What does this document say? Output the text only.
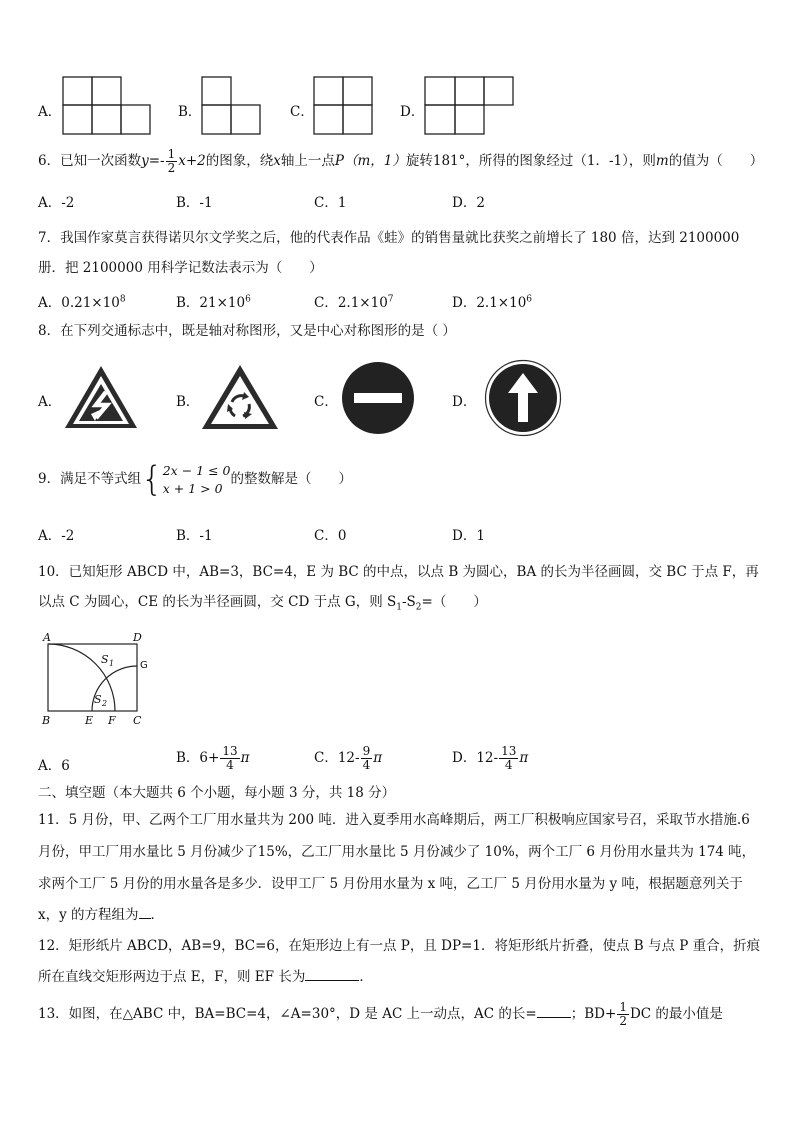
A．	B．	C．	D．
6．已知一次函数$y=- \frac{1}{2} x+2$的图象，绕x轴上一点P（m，1）旋转181°，所得的图象经过（1．-1），则m的值为（　　）
A．-2	B．-1	C．1	D．2
7．我国作家莫言获得诺贝尔文学奖之后，他的代表作品《蛙》的销售量就比获奖之前增长了 180 倍，达到 2100000
册．把 2100000 用科学记数法表示为（　　）
A．$0.21\times 10^8$	B．$21\times 10^6$	C．$2.1\times 10^7$	D．$2.1\times 10^6$
8．在下列交通标志中，既是轴对称图形，又是中心对称图形的是（ ）
A．	B．	C．	D．
9．满足不等式组{ 2x − 1 ≤ 0
x + 1 > 0
的整数解是（　　）
A．-2	B．-1	C．0	D．1
10．已知矩形 ABCD 中，AB=3，BC=4，E 为 BC 的中点，以点 B 为圆心，BA 的长为半径画圆，交 BC 于点 F，再
以点 C 为圆心，CE 的长为半径画圆，交 CD 于点 G，则 $S_1-S_2=$（　　）
A	D
B	E F C
S 1
S 2
G
A．6	B．$6+ \frac{13}{4}$ π	C．$12- \frac{9}{4}$ π	D．$12- \frac{13}{4}$ π
二、填空题（本大题共 6 个小题，每小题 3 分，共 18 分）
11．5 月份，甲、乙两个工厂用水量共为 200 吨．进入夏季用水高峰期后，两工厂积极响应国家号召，采取节水措施.6
月份，甲工厂用水量比 5 月份减少了15%，乙工厂用水量比 5 月份减少了 10%，两个工厂 6 月份用水量共为 174 吨，
求两个工厂 5 月份的用水量各是多少．设甲工厂 5 月份用水量为 x 吨，乙工厂 5 月份用水量为 y 吨，根据题意列关于
x，y 的方程组为 ．
12．矩形纸片 ABCD，AB=9，BC=6，在矩形边上有一点 P，且 DP=1．将矩形纸片折叠，使点 B 与点 P 重合，折痕
所在直线交矩形两边于点 E，F，则 EF 长为	．
13．如图，在△ABC 中，BA=BC=4，∠A=30°，D 是 AC 上一动点，AC 的长=	；$BD+ \frac{1}{2}$ DC 的最小值是
